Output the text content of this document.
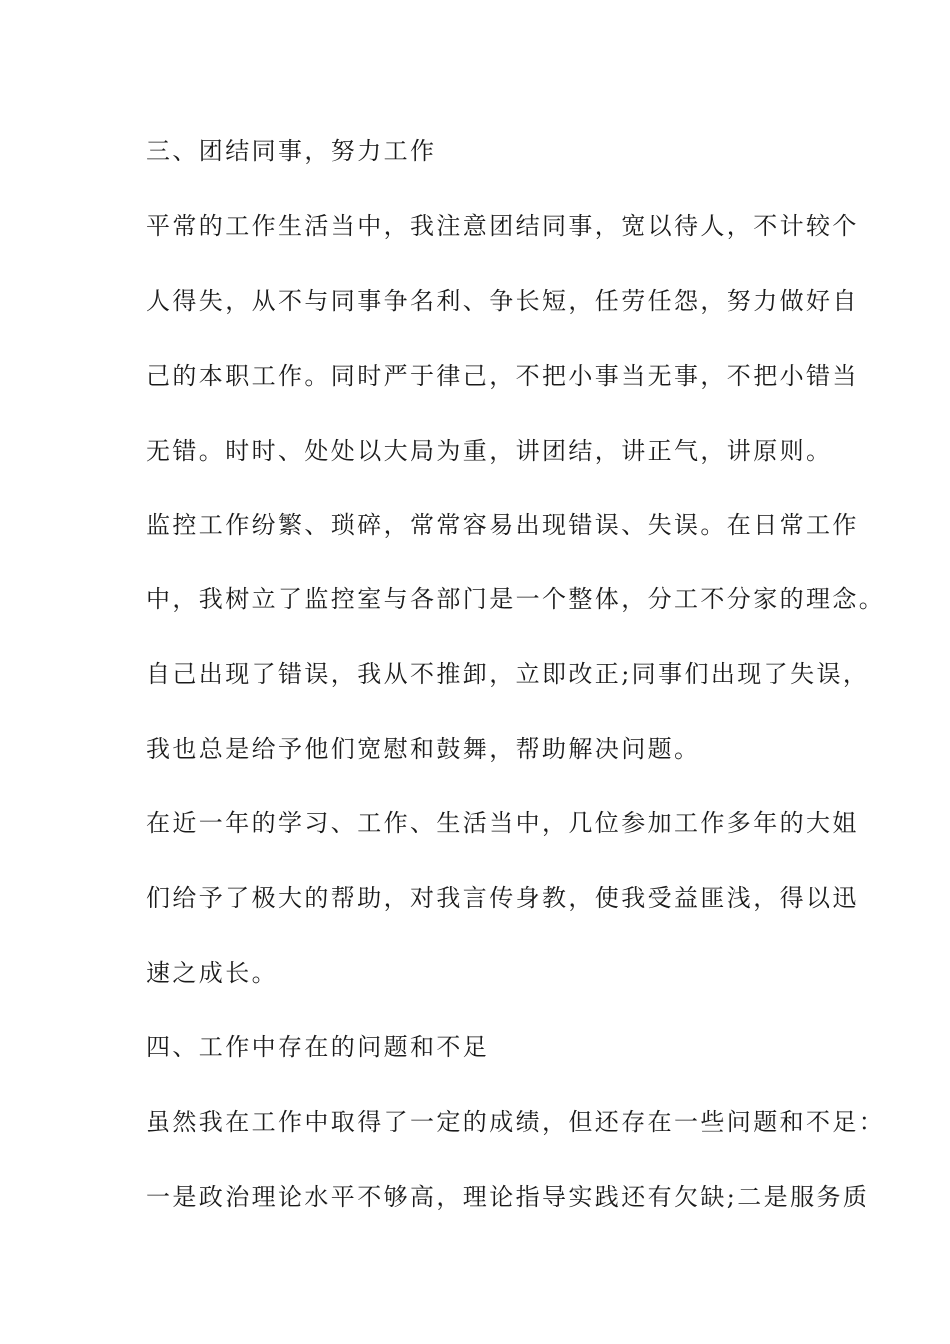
三、团结同事，努力工作
平常的工作生活当中，我注意团结同事，宽以待人，不计较个
人得失，从不与同事争名利、争长短，任劳任怨，努力做好自
己的本职工作。同时严于律己，不把小事当无事，不把小错当
无错。时时、处处以大局为重，讲团结，讲正气，讲原则。
监控工作纷繁、琐碎，常常容易出现错误、失误。在日常工作
中，我树立了监控室与各部门是一个整体，分工不分家的理念。
自己出现了错误，我从不推卸，立即改正;同事们出现了失误，
我也总是给予他们宽慰和鼓舞，帮助解决问题。
在近一年的学习、工作、生活当中，几位参加工作多年的大姐
们给予了极大的帮助，对我言传身教，使我受益匪浅，得以迅
速之成长。
四、工作中存在的问题和不足
虽然我在工作中取得了一定的成绩，但还存在一些问题和不足：
一是政治理论水平不够高，理论指导实践还有欠缺;二是服务质
